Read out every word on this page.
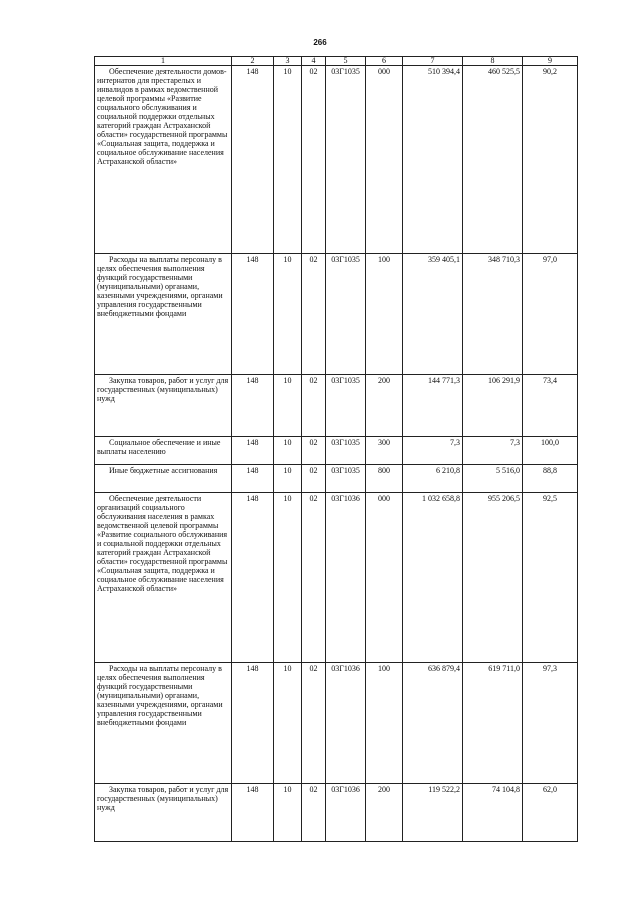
266
1	2	3	4	5	6	7	8	9
Обеспечение деятельности домов-интернатов для престарелых и инвалидов в рамках ведомственной целевой программы «Развитие социального обслуживания и социальной поддержки отдельных категорий граждан Астраханской области» государственной программы «Социальная защита, поддержка и социальное обслуживание населения Астраханской области»	148	10	02	03Г1035	000	510 394,4	460 525,5	90,2
Расходы на выплаты персоналу в целях обеспечения выполнения функций государственными (муниципальными) органами, казенными учреждениями, органами управления государственными внебюджетными фондами	148	10	02	03Г1035	100	359 405,1	348 710,3	97,0
Закупка товаров, работ и услуг для государственных (муниципальных) нужд	148	10	02	03Г1035	200	144 771,3	106 291,9	73,4
Социальное обеспечение и иные выплаты населению	148	10	02	03Г1035	300	7,3	7,3	100,0
Иные бюджетные ассигнования	148	10	02	03Г1035	800	6 210,8	5 516,0	88,8
Обеспечение деятельности организаций социального обслуживания населения в рамках ведомственной целевой программы «Развитие социального обслуживания и социальной поддержки отдельных категорий граждан Астраханской области» государственной программы «Социальная защита, поддержка и социальное обслуживание населения Астраханской области»	148	10	02	03Г1036	000	1 032 658,8	955 206,5	92,5
Расходы на выплаты персоналу в целях обеспечения выполнения функций государственными (муниципальными) органами, казенными учреждениями, органами управления государственными внебюджетными фондами	148	10	02	03Г1036	100	636 879,4	619 711,0	97,3
Закупка товаров, работ и услуг для государственных (муниципальных) нужд	148	10	02	03Г1036	200	119 522,2	74 104,8	62,0
